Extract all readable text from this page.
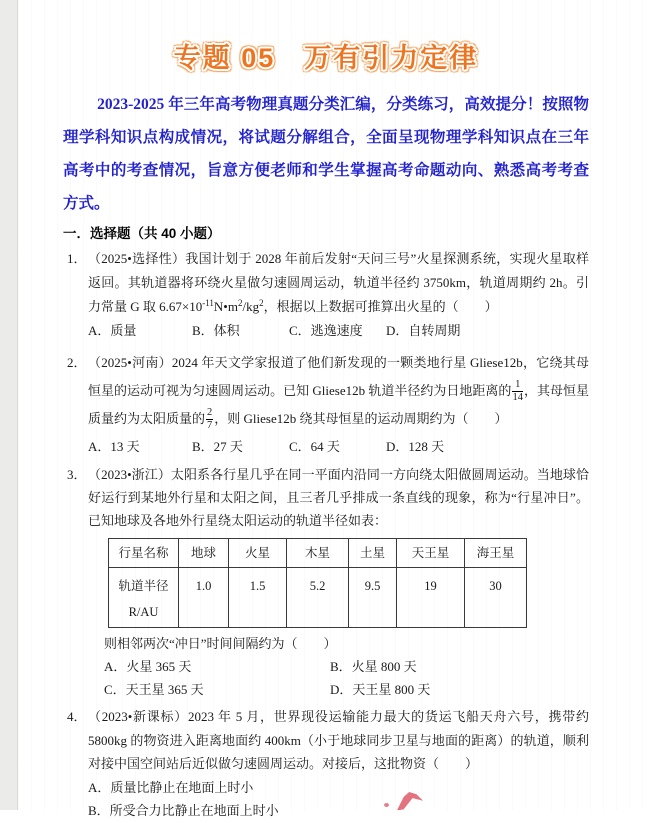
专题 05　万有引力定律

2023-2025 年三年高考物理真题分类汇编，分类练习，高效提分！按照物理学科知识点构成情况，将试题分解组合，全面呈现物理学科知识点在三年高考中的考查情况，旨意方便老师和学生掌握高考命题动向、熟悉高考考查方式。

一．选择题（共 40 小题）
1． （2025•选择性）我国计划于 2028 年前后发射“天问三号”火星探测系统，实现火星取样返回。其轨道器将环绕火星做匀速圆周运动，轨道半径约 3750km，轨道周期约 2h。引力常量 G 取 $6.67\times 10^{-11}N•m^2/kg^2$，根据以上数据可推算出火星的（　　）
A．质量	B．体积	C．逃逸速度	D．自转周期
2． （2025•河南）2024 年天文学家报道了他们新发现的一颗类地行星 Gliese12b，它绕其母恒星的运动可视为匀速圆周运动。已知 Gliese12b 轨道半径约为日地距离的 $\frac{1}{14}$ ，其母恒星质量约为太阳质量的 $\frac{2}{7}$ ，则 Gliese12b 绕其母恒星的运动周期约为（　　）
A．13 天	B．27 天	C．64 天	D．128 天
3． （2023•浙江）太阳系各行星几乎在同一平面内沿同一方向绕太阳做圆周运动。当地球恰好运行到某地外行星和太阳之间，且三者几乎排成一条直线的现象，称为“行星冲日”。已知地球及各地外行星绕太阳运动的轨道半径如表：
行星名称	地球	火星	木星	土星	天王星	海王星
轨道半径
R/AU	1.0	1.5	5.2	9.5	19	30
则相邻两次“冲日”时间间隔约为（　　）
A．火星 365 天	B．火星 800 天
C．天王星 365 天	D．天王星 800 天
4． （2023•新课标）2023 年 5 月，世界现役运输能力最大的货运飞船天舟六号，携带约 5800kg 的物资进入距离地面约 400km（小于地球同步卫星与地面的距离）的轨道，顺利对接中国空间站后近似做匀速圆周运动。对接后，这批物资（　　）
A．质量比静止在地面上时小
B．所受合力比静止在地面上时小
